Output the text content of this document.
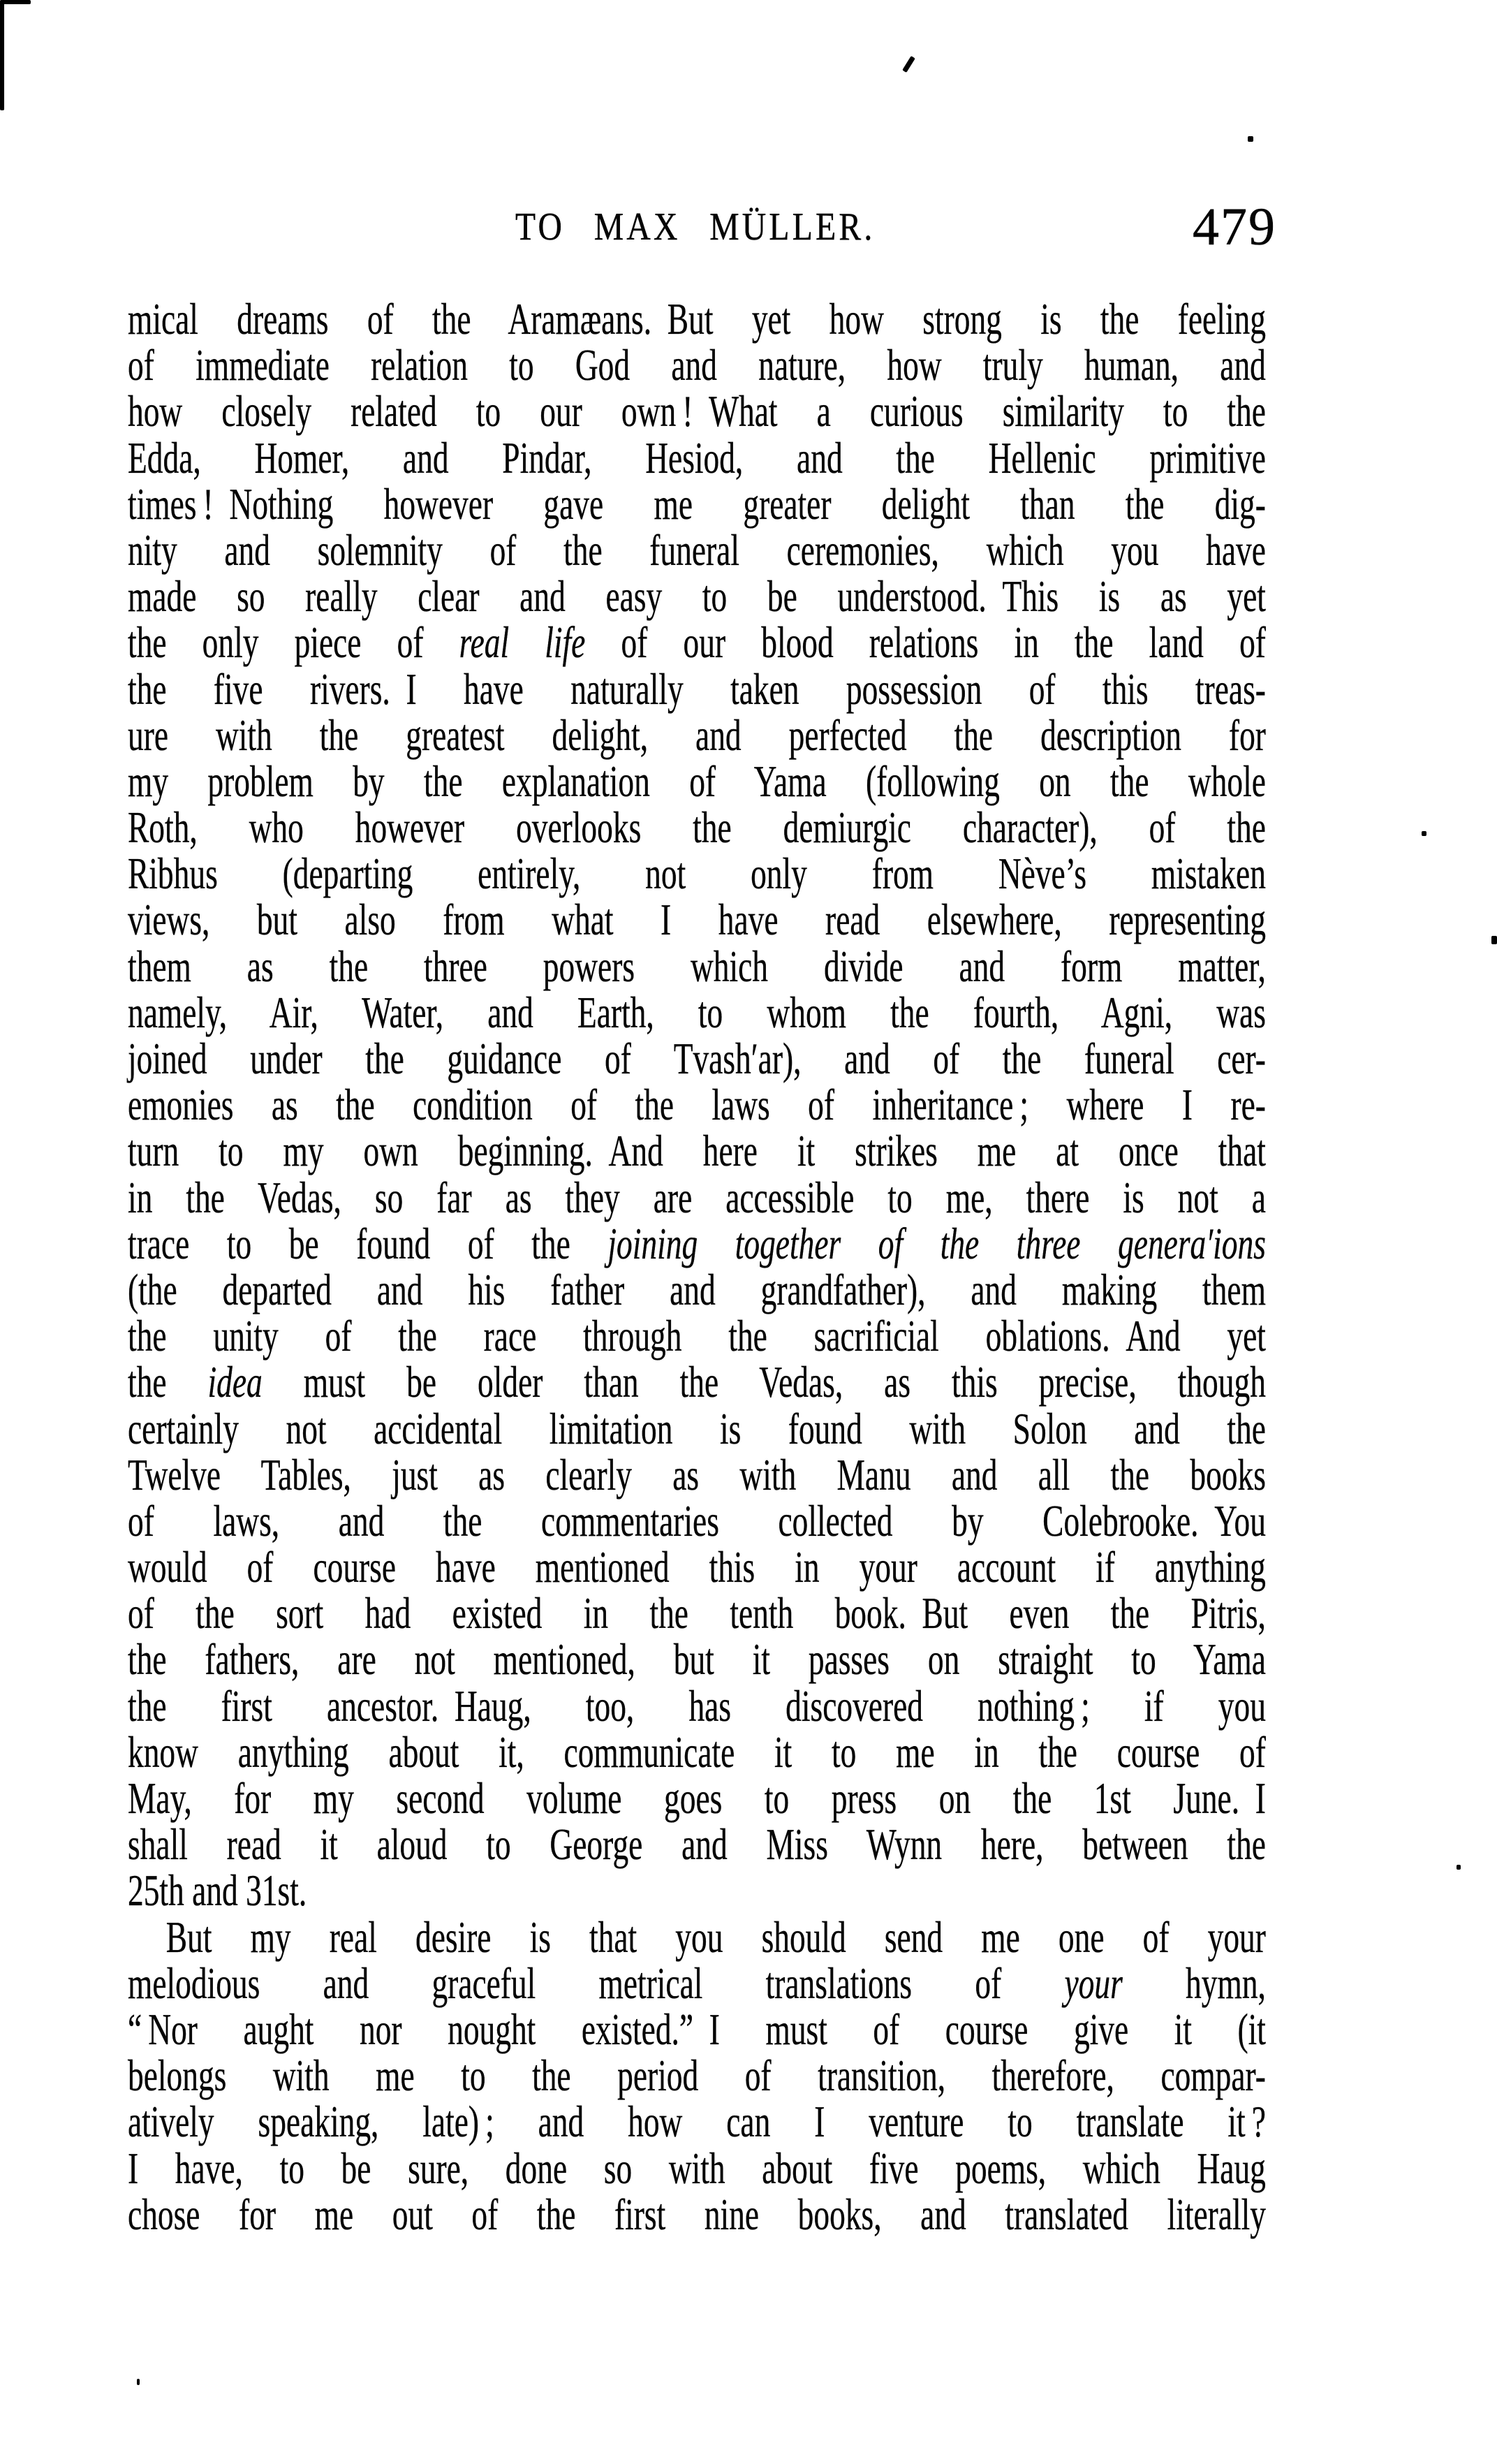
TO MAX MÜLLER.	479
mical dreams of the Aramæans. But yet how strong is the feeling
of immediate relation to God and nature, how truly human, and
how closely related to our own ! What a curious similarity to the
Edda, Homer, and Pindar, Hesiod, and the Hellenic primitive
times ! Nothing however gave me greater delight than the dig-
nity and solemnity of the funeral ceremonies, which you have
made so really clear and easy to be understood. This is as yet
the only piece of real life of our blood relations in the land of
the five rivers. I have naturally taken possession of this treas-
ure with the greatest delight, and perfected the description for
my problem by the explanation of Yama (following on the whole
Roth, who however overlooks the demiurgic character), of the
Ribhus (departing entirely, not only from Nève’s mistaken
views, but also from what I have read elsewhere, representing
them as the three powers which divide and form matter,
namely, Air, Water, and Earth, to whom the fourth, Agni, was
joined under the guidance of Tvash′ar), and of the funeral cer-
emonies as the condition of the laws of inheritance ; where I re-
turn to my own beginning. And here it strikes me at once that
in the Vedas, so far as they are accessible to me, there is not a
trace to be found of the joining together of the three genera′ions
(the departed and his father and grandfather), and making them
the unity of the race through the sacrificial oblations. And yet
the idea must be older than the Vedas, as this precise, though
certainly not accidental limitation is found with Solon and the
Twelve Tables, just as clearly as with Manu and all the books
of laws, and the commentaries collected by Colebrooke. You
would of course have mentioned this in your account if anything
of the sort had existed in the tenth book. But even the Pitris,
the fathers, are not mentioned, but it passes on straight to Yama
the first ancestor. Haug, too, has discovered nothing ; if you
know anything about it, communicate it to me in the course of
May, for my second volume goes to press on the 1st June. I
shall read it aloud to George and Miss Wynn here, between the
25th and 31st.
But my real desire is that you should send me one of your
melodious and graceful metrical translations of your hymn,
“ Nor aught nor nought existed.” I must of course give it (it
belongs with me to the period of transition, therefore, compar-
atively speaking, late) ; and how can I venture to translate it ?
I have, to be sure, done so with about five poems, which Haug
chose for me out of the first nine books, and translated literally
